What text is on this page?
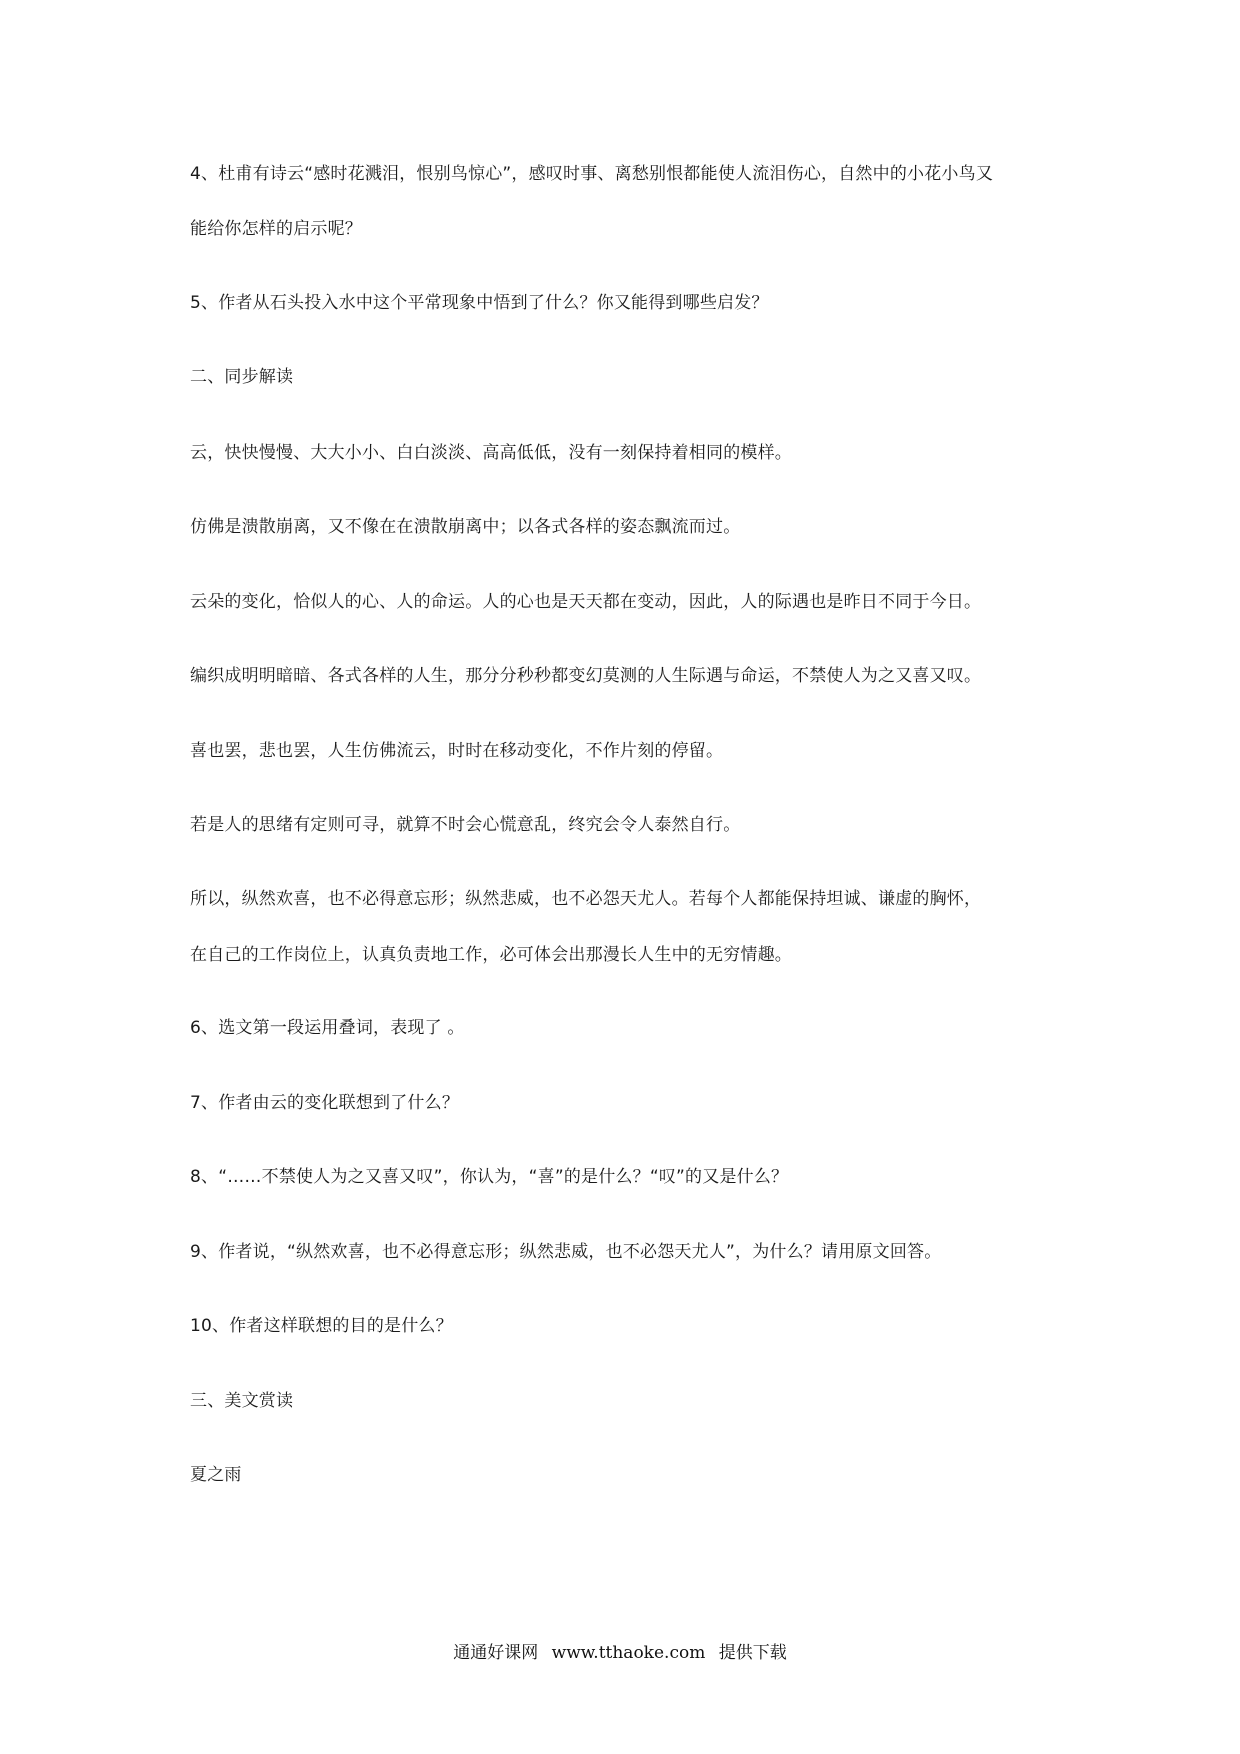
4、杜甫有诗云“感时花溅泪，恨别鸟惊心”，感叹时事、离愁别恨都能使人流泪伤心，自然中的小花小鸟又
能给你怎样的启示呢？
5、作者从石头投入水中这个平常现象中悟到了什么？你又能得到哪些启发？
二、同步解读
云，快快慢慢、大大小小、白白淡淡、高高低低，没有一刻保持着相同的模样。
仿佛是溃散崩离，又不像在在溃散崩离中；以各式各样的姿态飘流而过。
云朵的变化，恰似人的心、人的命运。人的心也是天天都在变动，因此，人的际遇也是昨日不同于今日。
编织成明明暗暗、各式各样的人生，那分分秒秒都变幻莫测的人生际遇与命运，不禁使人为之又喜又叹。
喜也罢，悲也罢，人生仿佛流云，时时在移动变化，不作片刻的停留。
若是人的思绪有定则可寻，就算不时会心慌意乱，终究会令人泰然自行。
所以，纵然欢喜，也不必得意忘形；纵然悲威，也不必怨天尤人。若每个人都能保持坦诚、谦虚的胸怀，
在自己的工作岗位上，认真负责地工作，必可体会出那漫长人生中的无穷情趣。
6、选文第一段运用叠词，表现了 。
7、作者由云的变化联想到了什么？
8、“……不禁使人为之又喜又叹”，你认为，“喜”的是什么？“叹”的又是什么？
9、作者说，“纵然欢喜，也不必得意忘形；纵然悲威，也不必怨天尤人”，为什么？请用原文回答。
10、作者这样联想的目的是什么？
三、美文赏读
夏之雨
通通好课网 www.tthaoke.com 提供下载
